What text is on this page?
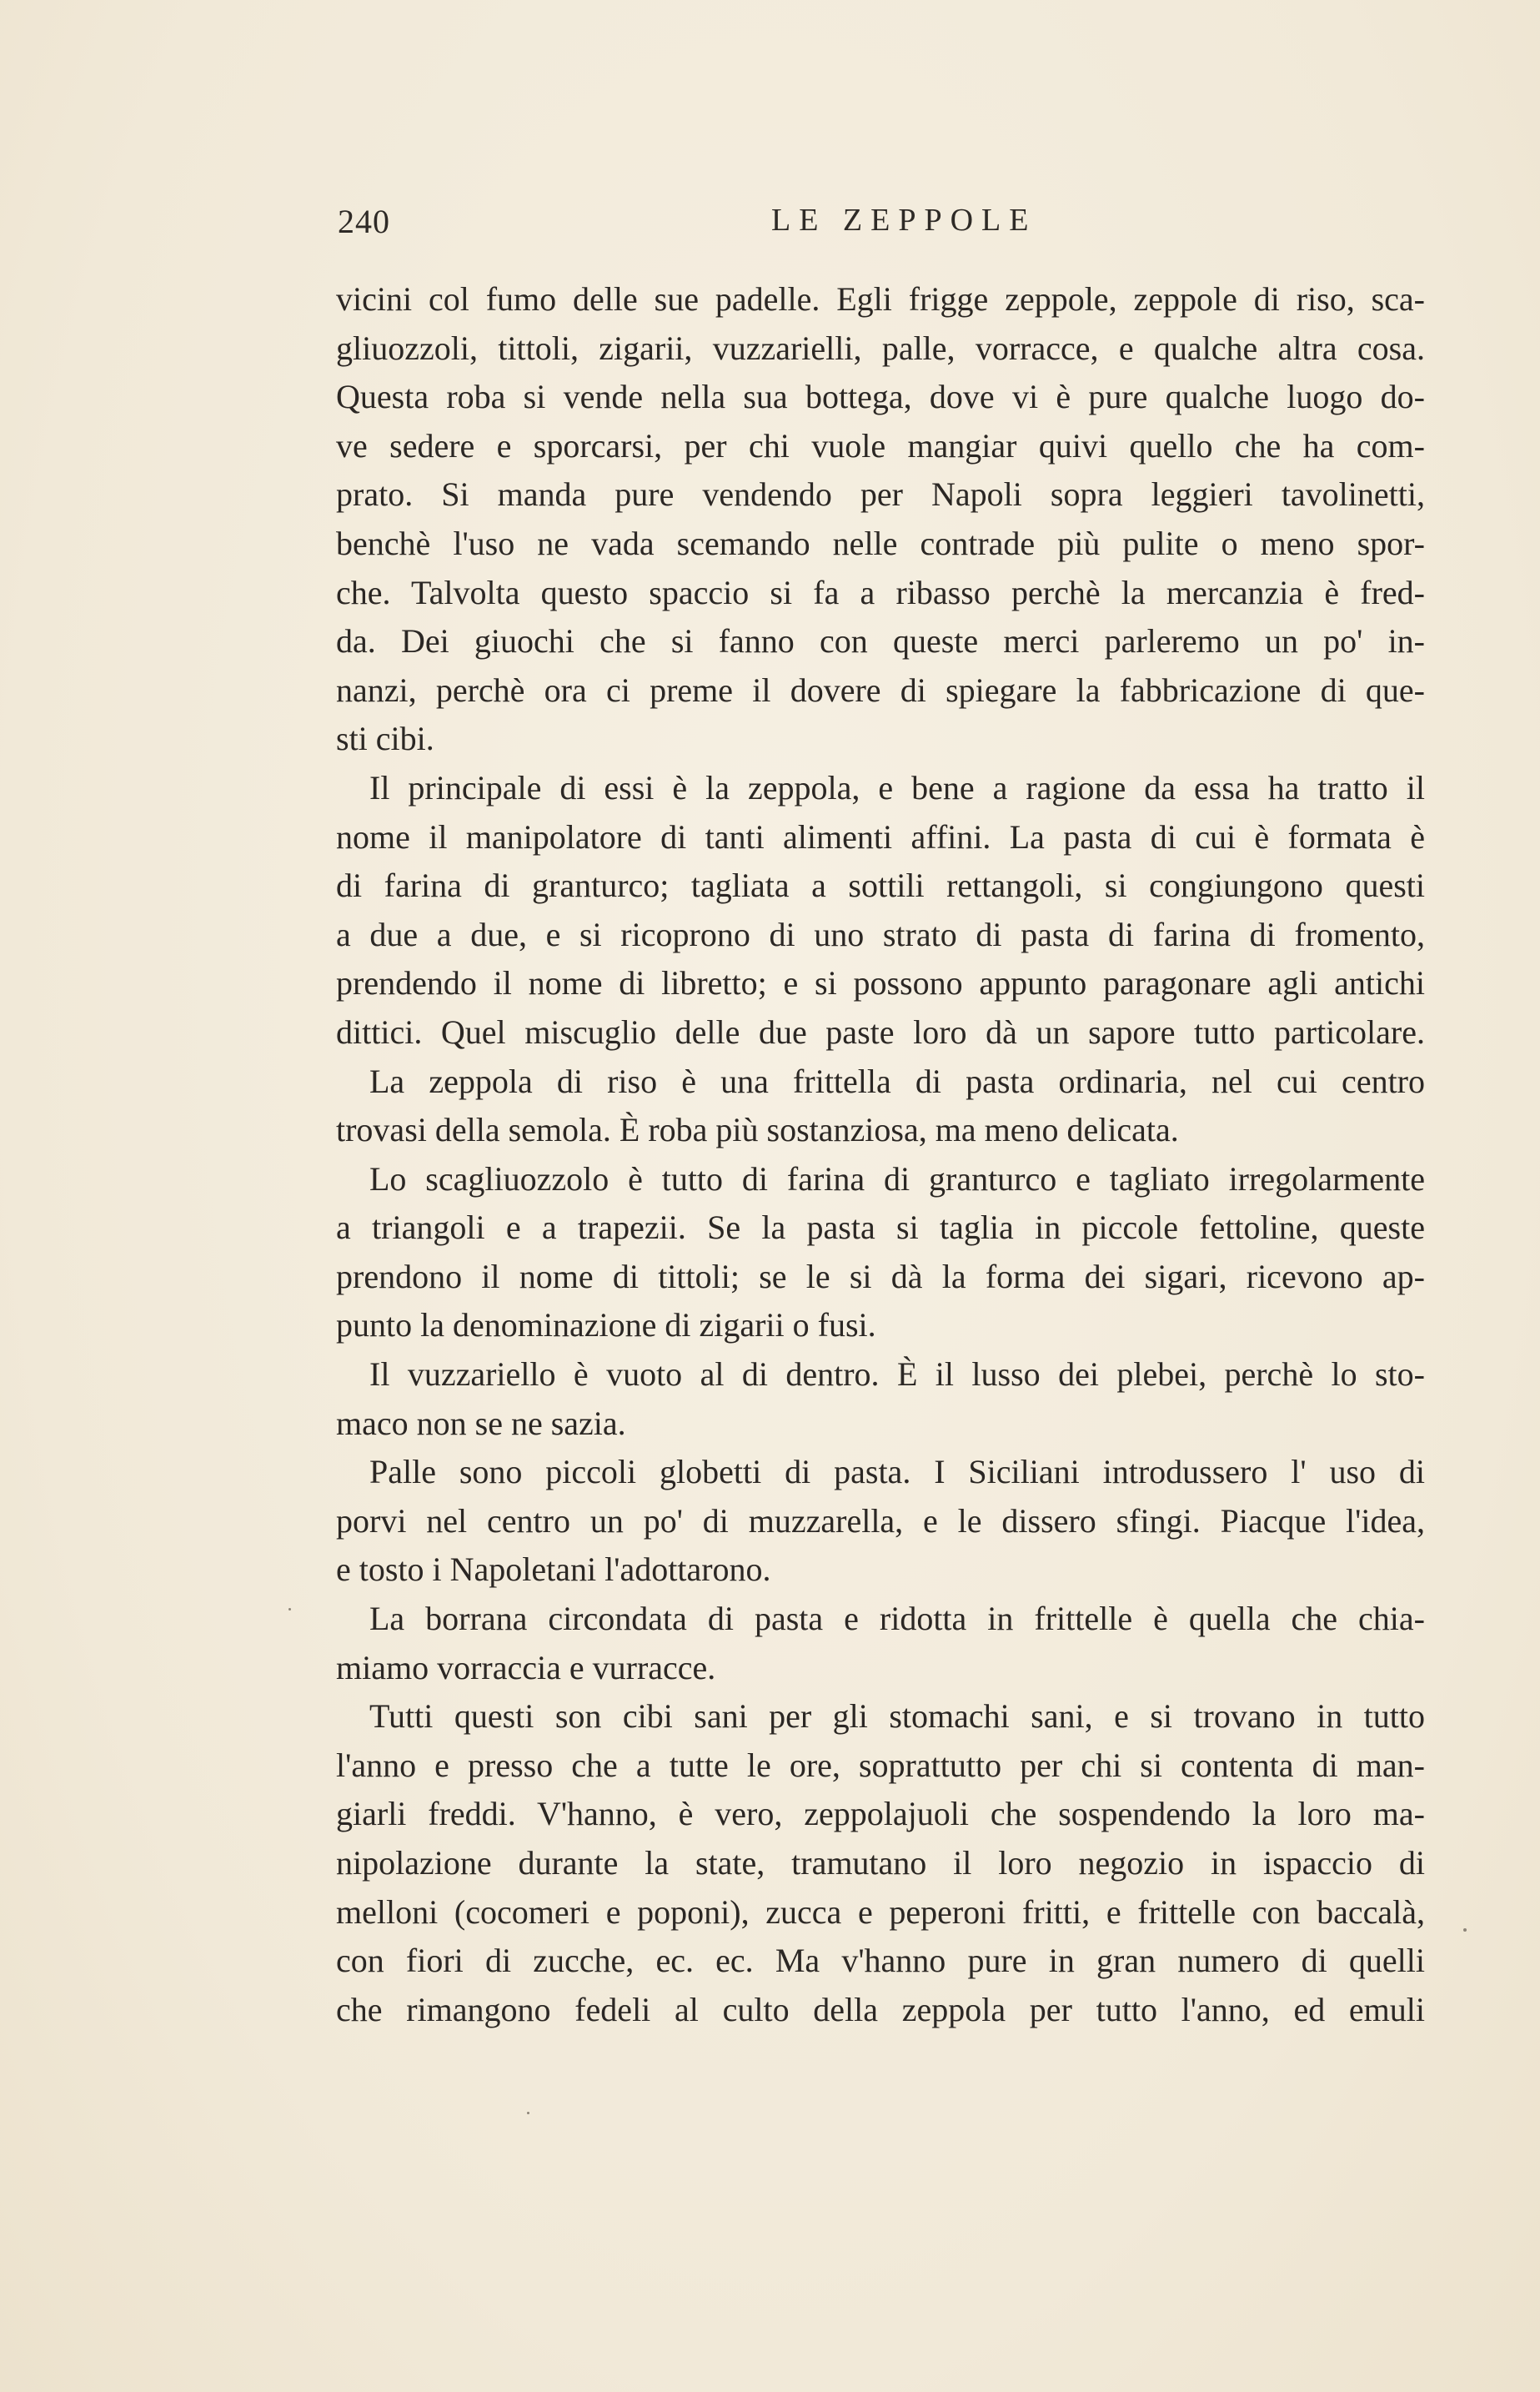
240	LE ZEPPOLE
vicini col fumo delle sue padelle. Egli frigge zeppole, zeppole di riso, sca-
gliuozzoli, tittoli, zigarii, vuzzarielli, palle, vorracce, e qualche altra cosa.
Questa roba si vende nella sua bottega, dove vi è pure qualche luogo do-
ve sedere e sporcarsi, per chi vuole mangiar quivi quello che ha com-
prato. Si manda pure vendendo per Napoli sopra leggieri tavolinetti,
benchè l'uso ne vada scemando nelle contrade più pulite o meno spor-
che. Talvolta questo spaccio si fa a ribasso perchè la mercanzia è fred-
da. Dei giuochi che si fanno con queste merci parleremo un po' in-
nanzi, perchè ora ci preme il dovere di spiegare la fabbricazione di que-
sti cibi.
Il principale di essi è la zeppola, e bene a ragione da essa ha tratto il
nome il manipolatore di tanti alimenti affini. La pasta di cui è formata è
di farina di granturco; tagliata a sottili rettangoli, si congiungono questi
a due a due, e si ricoprono di uno strato di pasta di farina di fromento,
prendendo il nome di libretto; e si possono appunto paragonare agli antichi
dittici. Quel miscuglio delle due paste loro dà un sapore tutto particolare.
La zeppola di riso è una frittella di pasta ordinaria, nel cui centro
trovasi della semola. È roba più sostanziosa, ma meno delicata.
Lo scagliuozzolo è tutto di farina di granturco e tagliato irregolarmente
a triangoli e a trapezii. Se la pasta si taglia in piccole fettoline, queste
prendono il nome di tittoli; se le si dà la forma dei sigari, ricevono ap-
punto la denominazione di zigarii o fusi.
Il vuzzariello è vuoto al di dentro. È il lusso dei plebei, perchè lo sto-
maco non se ne sazia.
Palle sono piccoli globetti di pasta. I Siciliani introdussero l' uso di
porvi nel centro un po' di muzzarella, e le dissero sfingi. Piacque l'idea,
e tosto i Napoletani l'adottarono.
La borrana circondata di pasta e ridotta in frittelle è quella che chia-
miamo vorraccia e vurracce.
Tutti questi son cibi sani per gli stomachi sani, e si trovano in tutto
l'anno e presso che a tutte le ore, soprattutto per chi si contenta di man-
giarli freddi. V'hanno, è vero, zeppolajuoli che sospendendo la loro ma-
nipolazione durante la state, tramutano il loro negozio in ispaccio di
melloni (cocomeri e poponi), zucca e peperoni fritti, e frittelle con baccalà,
con fiori di zucche, ec. ec. Ma v'hanno pure in gran numero di quelli
che rimangono fedeli al culto della zeppola per tutto l'anno, ed emuli
